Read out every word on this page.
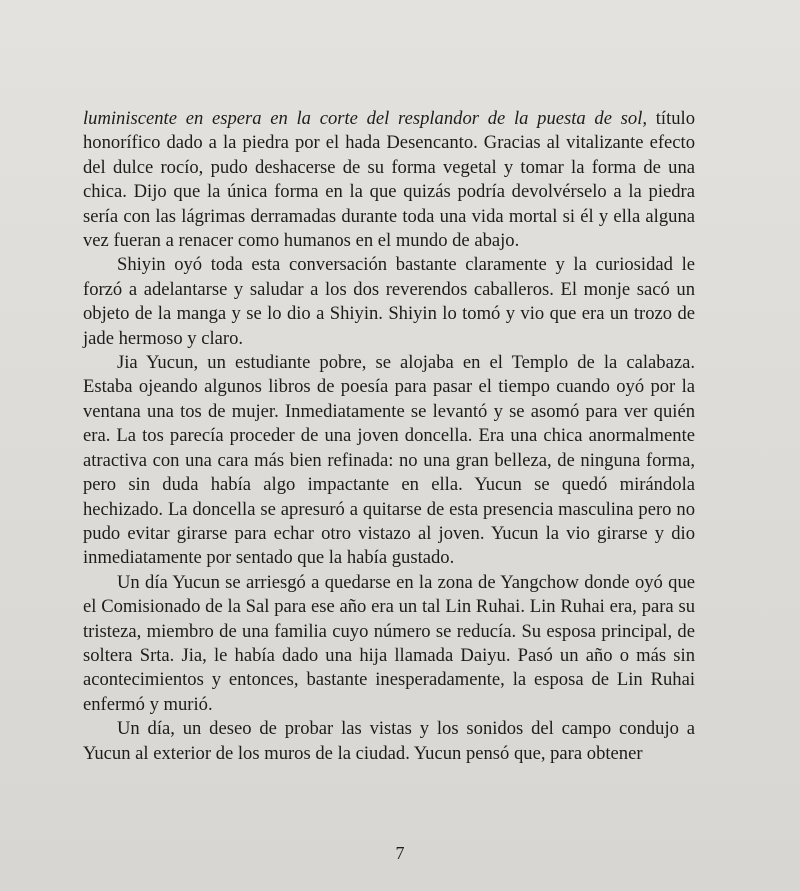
luminiscente en espera en la corte del resplandor de la puesta de sol, título honorífico dado a la piedra por el hada Desencanto. Gracias al vitalizante efecto del dulce rocío, pudo deshacerse de su forma vegetal y tomar la forma de una chica. Dijo que la única forma en la que quizás podría devolvérselo a la piedra sería con las lágrimas derramadas durante toda una vida mortal si él y ella alguna vez fueran a renacer como humanos en el mundo de abajo.

Shiyin oyó toda esta conversación bastante claramente y la curiosidad le forzó a adelantarse y saludar a los dos reverendos caballeros. El monje sacó un objeto de la manga y se lo dio a Shiyin. Shiyin lo tomó y vio que era un trozo de jade hermoso y claro.

Jia Yucun, un estudiante pobre, se alojaba en el Templo de la calabaza. Estaba ojeando algunos libros de poesía para pasar el tiempo cuando oyó por la ventana una tos de mujer. Inmediatamente se levantó y se asomó para ver quién era. La tos parecía proceder de una joven doncella. Era una chica anormalmente atractiva con una cara más bien refinada: no una gran belleza, de ninguna forma, pero sin duda había algo impactante en ella. Yucun se quedó mirándola hechizado. La doncella se apresuró a quitarse de esta presencia masculina pero no pudo evitar girarse para echar otro vistazo al joven. Yucun la vio girarse y dio inmediatamente por sentado que la había gustado.

Un día Yucun se arriesgó a quedarse en la zona de Yangchow donde oyó que el Comisionado de la Sal para ese año era un tal Lin Ruhai. Lin Ruhai era, para su tristeza, miembro de una familia cuyo número se reducía. Su esposa principal, de soltera Srta. Jia, le había dado una hija llamada Daiyu. Pasó un año o más sin acontecimientos y entonces, bastante inesperadamente, la esposa de Lin Ruhai enfermó y murió.

Un día, un deseo de probar las vistas y los sonidos del campo condujo a Yucun al exterior de los muros de la ciudad. Yucun pensó que, para obtener

7
